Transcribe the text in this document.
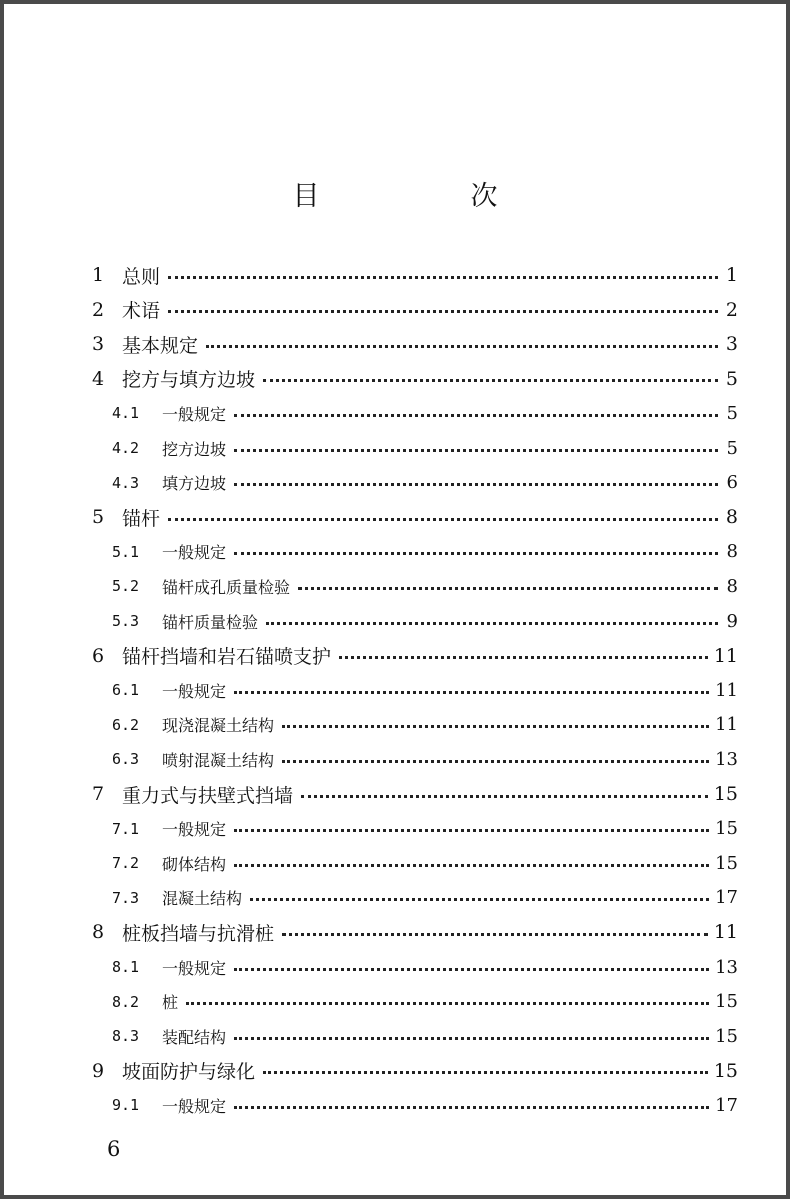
目　次
1 总则	1
2 术语	2
3 基本规定	3
4 挖方与填方边坡	5
4.1	一般规定	5
4.2	挖方边坡	5
4.3	填方边坡	6
5 锚杆	8
5.1	一般规定	8
5.2	锚杆成孔质量检验	8
5.3	锚杆质量检验	9
6 锚杆挡墙和岩石锚喷支护	11
6.1	一般规定	11
6.2	现浇混凝土结构	11
6.3	喷射混凝土结构	13
7 重力式与扶壁式挡墙	15
7.1	一般规定	15
7.2	砌体结构	15
7.3	混凝土结构	17
8 桩板挡墙与抗滑桩	11
8.1	一般规定	13
8.2	桩	15
8.3	装配结构	15
9 坡面防护与绿化	15
9.1	一般规定	17
6
